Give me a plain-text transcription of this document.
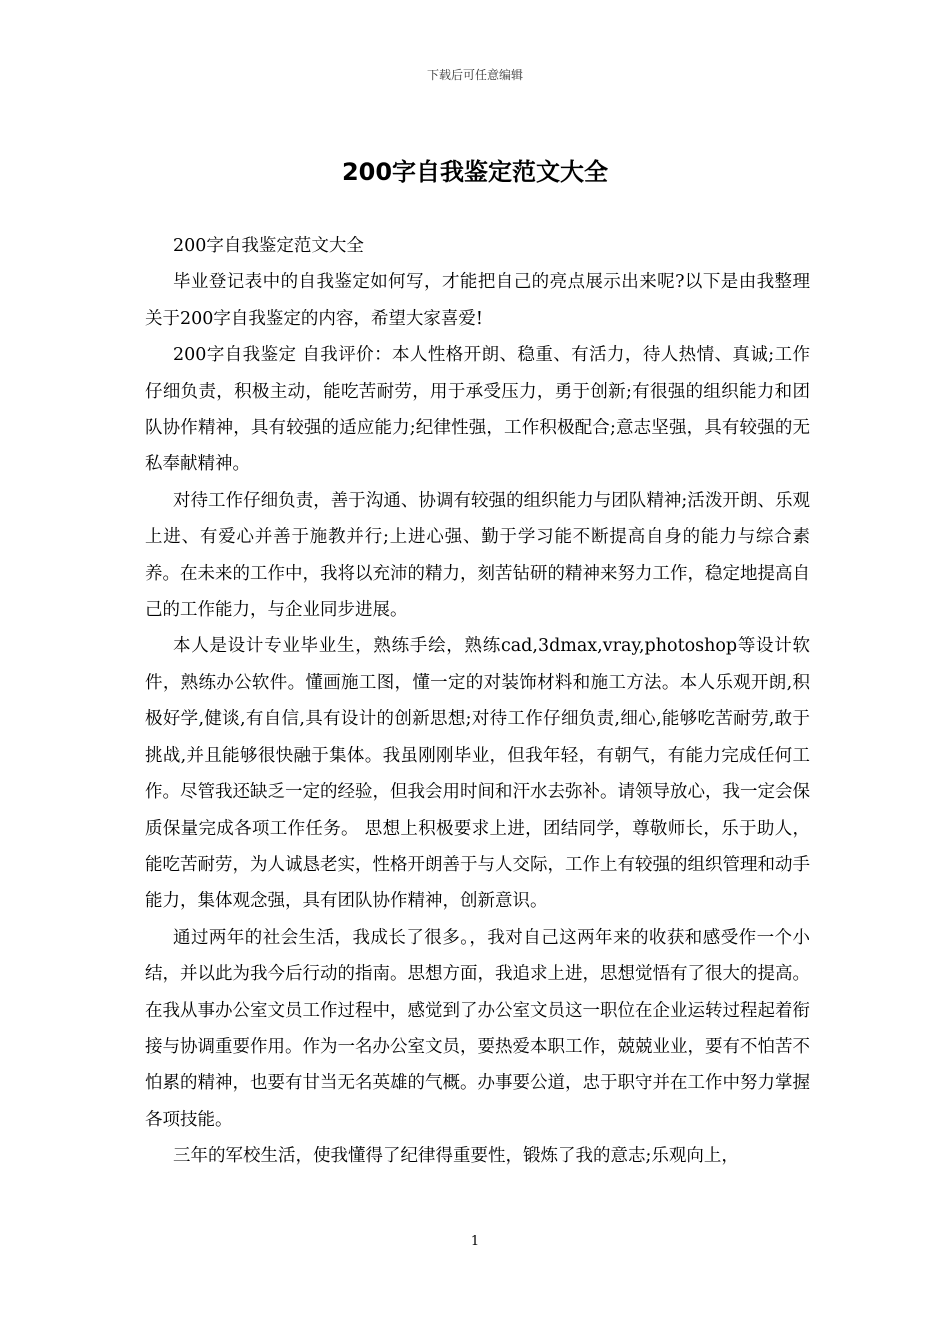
下载后可任意编辑
200字自我鉴定范文大全

200字自我鉴定范文大全

毕业登记表中的自我鉴定如何写，才能把自己的亮点展示出来呢?以下是由我整理关于200字自我鉴定的内容，希望大家喜爱!

200字自我鉴定 自我评价：本人性格开朗、稳重、有活力，待人热情、真诚;工作仔细负责，积极主动，能吃苦耐劳，用于承受压力，勇于创新;有很强的组织能力和团队协作精神，具有较强的适应能力;纪律性强，工作积极配合;意志坚强，具有较强的无私奉献精神。

对待工作仔细负责，善于沟通、协调有较强的组织能力与团队精神;活泼开朗、乐观上进、有爱心并善于施教并行;上进心强、勤于学习能不断提高自身的能力与综合素养。在未来的工作中，我将以充沛的精力，刻苦钻研的精神来努力工作，稳定地提高自己的工作能力，与企业同步进展。

本人是设计专业毕业生，熟练手绘，熟练cad,3dmax,vray,photoshop等设计软件，熟练办公软件。懂画施工图，懂一定的对装饰材料和施工方法。本人乐观开朗,积极好学,健谈,有自信,具有设计的创新思想;对待工作仔细负责,细心,能够吃苦耐劳,敢于挑战,并且能够很快融于集体。我虽刚刚毕业，但我年轻，有朝气，有能力完成任何工作。尽管我还缺乏一定的经验，但我会用时间和汗水去弥补。请领导放心，我一定会保质保量完成各项工作任务。 思想上积极要求上进，团结同学，尊敬师长，乐于助人，能吃苦耐劳，为人诚恳老实，性格开朗善于与人交际，工作上有较强的组织管理和动手能力，集体观念强，具有团队协作精神，创新意识。

通过两年的社会生活，我成长了很多。，我对自己这两年来的收获和感受作一个小结，并以此为我今后行动的指南。思想方面，我追求上进，思想觉悟有了很大的提高。在我从事办公室文员工作过程中，感觉到了办公室文员这一职位在企业运转过程起着衔接与协调重要作用。作为一名办公室文员，要热爱本职工作，兢兢业业，要有不怕苦不怕累的精神，也要有甘当无名英雄的气概。办事要公道，忠于职守并在工作中努力掌握各项技能。

三年的军校生活，使我懂得了纪律得重要性，锻炼了我的意志;乐观向上，

1
